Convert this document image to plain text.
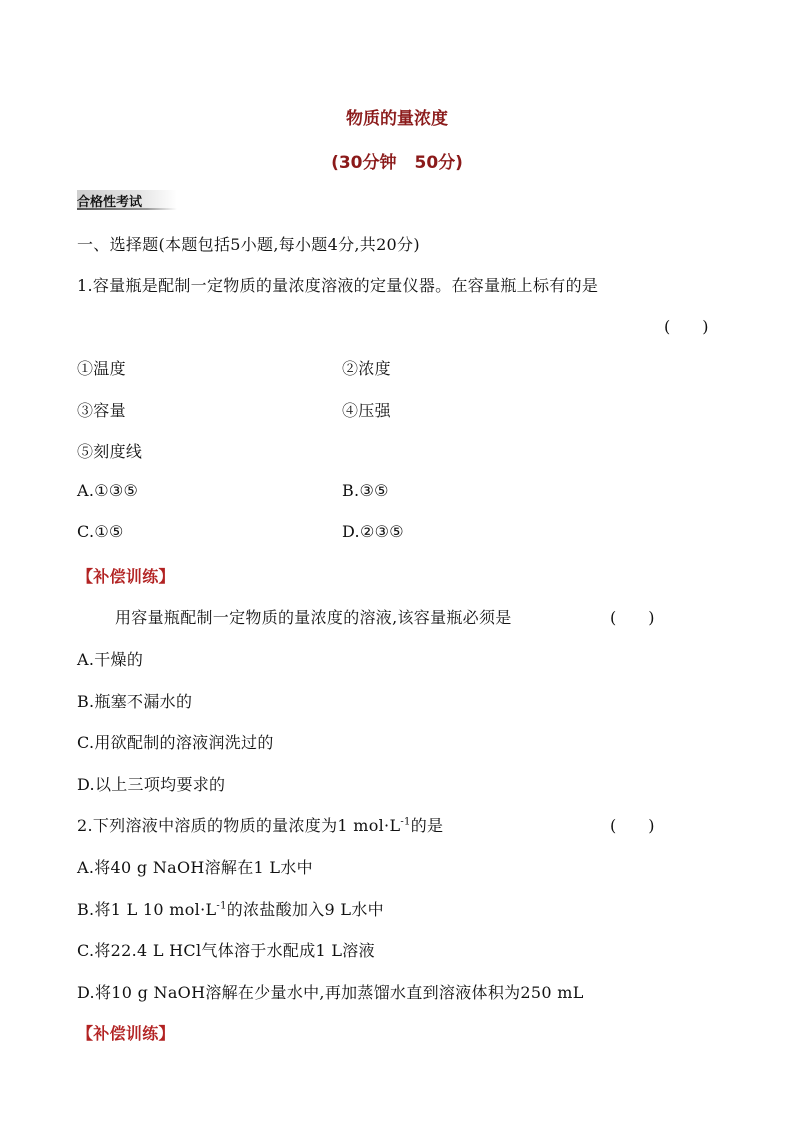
物质的量浓度
(30分钟 50分)
合格性考试
一、选择题(本题包括5小题,每小题4分,共20分)
1.容量瓶是配制一定物质的量浓度溶液的定量仪器。在容量瓶上标有的是
(　　)
①温度	②浓度
③容量	④压强
⑤刻度线
A.①③⑤	B.③⑤
C.①⑤	D.②③⑤
【补偿训练】
用容量瓶配制一定物质的量浓度的溶液,该容量瓶必须是	(　　)
A.干燥的
B.瓶塞不漏水的
C.用欲配制的溶液润洗过的
D.以上三项均要求的
2.下列溶液中溶质的物质的量浓度为1 $mol\cdot L^{-1}$的是	(　　)
A.将40 g NaOH溶解在1 L水中
B.将1 L 10 $mol\cdot L^{-1}$的浓盐酸加入9 L水中
C.将22.4 L HCl气体溶于水配成1 L溶液
D.将10 g NaOH溶解在少量水中,再加蒸馏水直到溶液体积为250 mL
【补偿训练】
